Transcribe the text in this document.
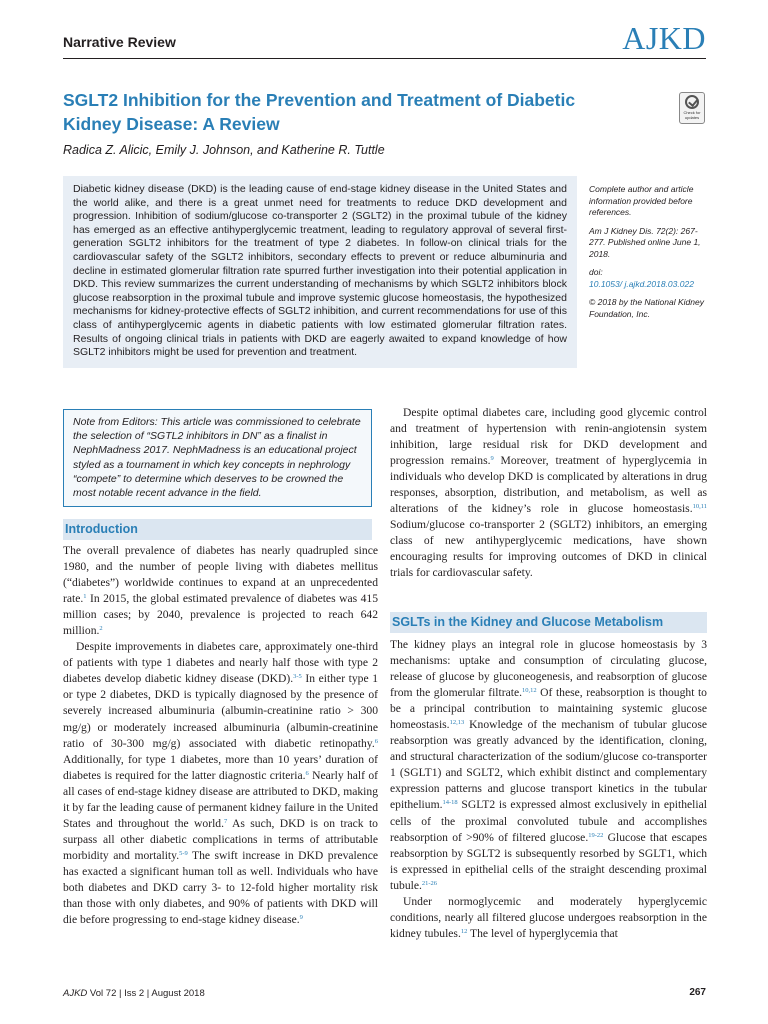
Narrative Review	AJKD
Check for updates
SGLT2 Inhibition for the Prevention and Treatment of Diabetic Kidney Disease: A Review
Radica Z. Alicic, Emily J. Johnson, and Katherine R. Tuttle

Diabetic kidney disease (DKD) is the leading cause of end-stage kidney disease in the United States and the world alike, and there is a great unmet need for treatments to reduce DKD development and progression. Inhibition of sodium/glucose co-transporter 2 (SGLT2) in the proximal tubule of the kidney has emerged as an effective antihyperglycemic treatment, leading to regulatory approval of several first-generation SGLT2 inhibitors for the treatment of type 2 diabetes. In follow-on clinical trials for the cardiovascular safety of the SGLT2 inhibitors, secondary effects to prevent or reduce albuminuria and decline in estimated glomerular filtration rate spurred further investigation into their potential application in DKD. This review summarizes the current understanding of mechanisms by which SGLT2 inhibitors block glucose reabsorption in the proximal tubule and improve systemic glucose homeostasis, the hypothesized mechanisms for kidney-protective effects of SGLT2 inhibition, and current recommendations for use of this class of antihyperglycemic agents in diabetic patients with low estimated glomerular filtration rates. Results of ongoing clinical trials in patients with DKD are eagerly awaited to expand knowledge of how SGLT2 inhibitors might be used for prevention and treatment.

Complete author and article information provided before references.

Am J Kidney Dis. 72(2): 267-277. Published online June 1, 2018.

doi:
10.1053/ j.ajkd.2018.03.022

© 2018 by the National Kidney Foundation, Inc.

Note from Editors: This article was commissioned to celebrate the selection of “SGTL2 inhibitors in DN” as a finalist in NephMadness 2017. NephMadness is an educational project styled as a tournament in which key concepts in nephrology “compete” to determine which deserves to be crowned the most notable recent advance in the field.
Introduction

The overall prevalence of diabetes has nearly quadrupled since 1980, and the number of people living with diabetes mellitus (“diabetes”) worldwide continues to expand at an unprecedented rate.$^1$ In 2015, the global estimated prevalence of diabetes was 415 million cases; by 2040, prevalence is projected to reach 642 million.$^2$

Despite improvements in diabetes care, approximately one-third of patients with type 1 diabetes and nearly half those with type 2 diabetes develop diabetic kidney disease (DKD).$^{3-5}$ In either type 1 or type 2 diabetes, DKD is typically diagnosed by the presence of severely increased albuminuria (albumin-creatinine ratio > 300 mg/g) or moderately increased albuminuria (albumin-creatinine ratio of 30-300 mg/g) associated with diabetic retinopathy.$^6$ Additionally, for type 1 diabetes, more than 10 years’ duration of diabetes is required for the latter diagnostic criteria.$^6$ Nearly half of all cases of end-stage kidney disease are attributed to DKD, making it by far the leading cause of permanent kidney failure in the United States and throughout the world.$^7$ As such, DKD is on track to surpass all other diabetic complications in terms of attributable morbidity and mortality.$^{5-9}$ The swift increase in DKD prevalence has exacted a significant human toll as well. Individuals who have both diabetes and DKD carry 3- to 12-fold higher mortality risk than those with only diabetes, and 90% of patients with DKD will die before progressing to end-stage kidney disease.$^9$

Despite optimal diabetes care, including good glycemic control and treatment of hypertension with renin-angiotensin system inhibition, large residual risk for DKD development and progression remains.$^9$ Moreover, treatment of hyperglycemia in individuals who develop DKD is complicated by alterations in drug responses, absorption, distribution, and metabolism, as well as alterations of the kidney’s role in glucose homeostasis.$^{10,11}$ Sodium/glucose co-transporter 2 (SGLT2) inhibitors, an emerging class of new antihyperglycemic medications, have shown encouraging results for improving outcomes of DKD in clinical trials for cardiovascular safety.

SGLTs in the Kidney and Glucose Metabolism

The kidney plays an integral role in glucose homeostasis by 3 mechanisms: uptake and consumption of circulating glucose, release of glucose by gluconeogenesis, and reabsorption of glucose from the glomerular filtrate.$^{10,12}$ Of these, reabsorption is thought to be a principal contribution to maintaining systemic glucose homeostasis.$^{12,13}$ Knowledge of the mechanism of tubular glucose reabsorption was greatly advanced by the identification, cloning, and structural characterization of the sodium/glucose co-transporter 1 (SGLT1) and SGLT2, which exhibit distinct and complementary expression patterns and glucose transport kinetics in the tubular epithelium.$^{14-18}$ SGLT2 is expressed almost exclusively in epithelial cells of the proximal convoluted tubule and accomplishes reabsorption of >90% of filtered glucose.$^{19-22}$ Glucose that escapes reabsorption by SGLT2 is subsequently resorbed by SGLT1, which is expressed in epithelial cells of the straight descending proximal tubule.$^{21-26}$

Under normoglycemic and moderately hyperglycemic conditions, nearly all filtered glucose undergoes reabsorption in the kidney tubules.$^{12}$ The level of hyperglycemia that

AJKD Vol 72 | Iss 2 | August 2018	267
